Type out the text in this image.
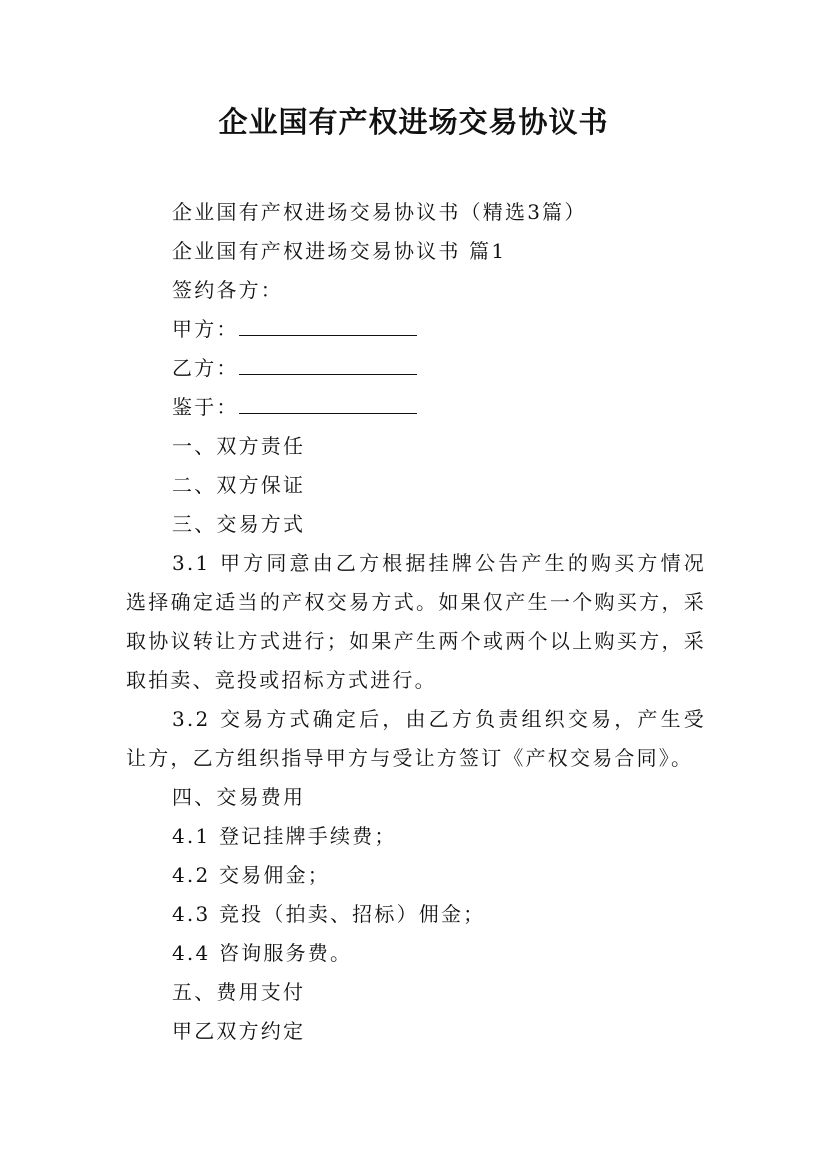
企业国有产权进场交易协议书

企业国有产权进场交易协议书（精选3篇）

企业国有产权进场交易协议书 篇1

签约各方：

甲方：

乙方：

鉴于：

一、双方责任

二、双方保证

三、交易方式

3.1 甲方同意由乙方根据挂牌公告产生的购买方情况选择确定适当的产权交易方式。如果仅产生一个购买方，采取协议转让方式进行；如果产生两个或两个以上购买方，采取拍卖、竞投或招标方式进行。

3.2 交易方式确定后，由乙方负责组织交易，产生受让方，乙方组织指导甲方与受让方签订《产权交易合同》。

四、交易费用

4.1 登记挂牌手续费；

4.2 交易佣金；

4.3 竞投（拍卖、招标）佣金；

4.4 咨询服务费。

五、费用支付

甲乙双方约定
